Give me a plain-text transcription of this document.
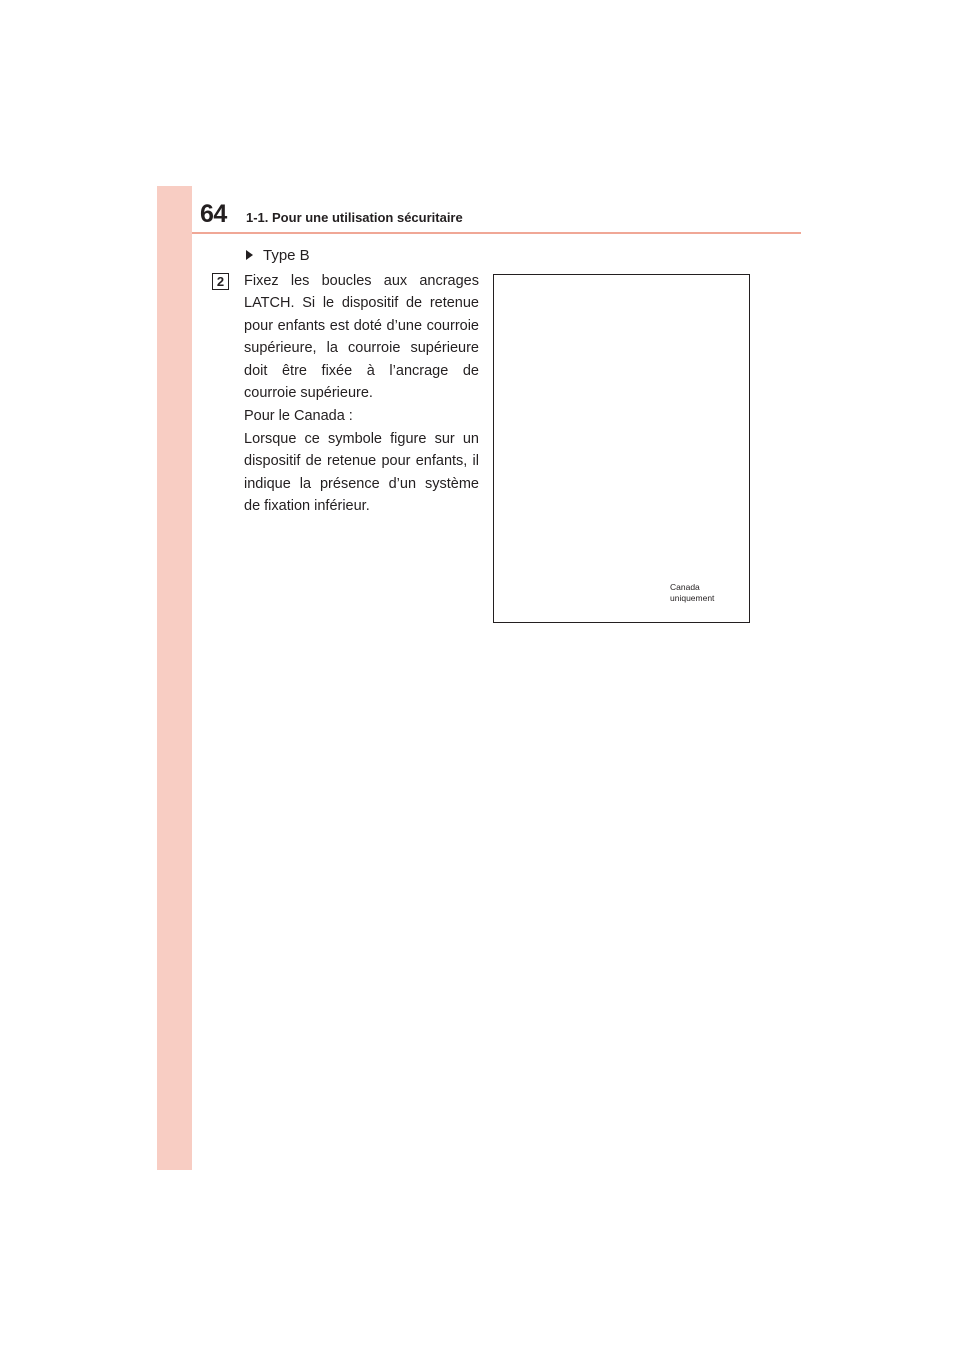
64 1-1. Pour une utilisation sécuritaire
Type B
2	Fixez les boucles aux ancrages LATCH. Si le dispositif de retenue pour enfants est doté d’une courroie supérieure, la courroie supérieure doit être fixée à l’ancrage de courroie supérieure.
Pour le Canada :
Lorsque ce symbole figure sur un dispositif de retenue pour enfants, il indique la présence d’un système de fixation inférieur.
Canada
uniquement
